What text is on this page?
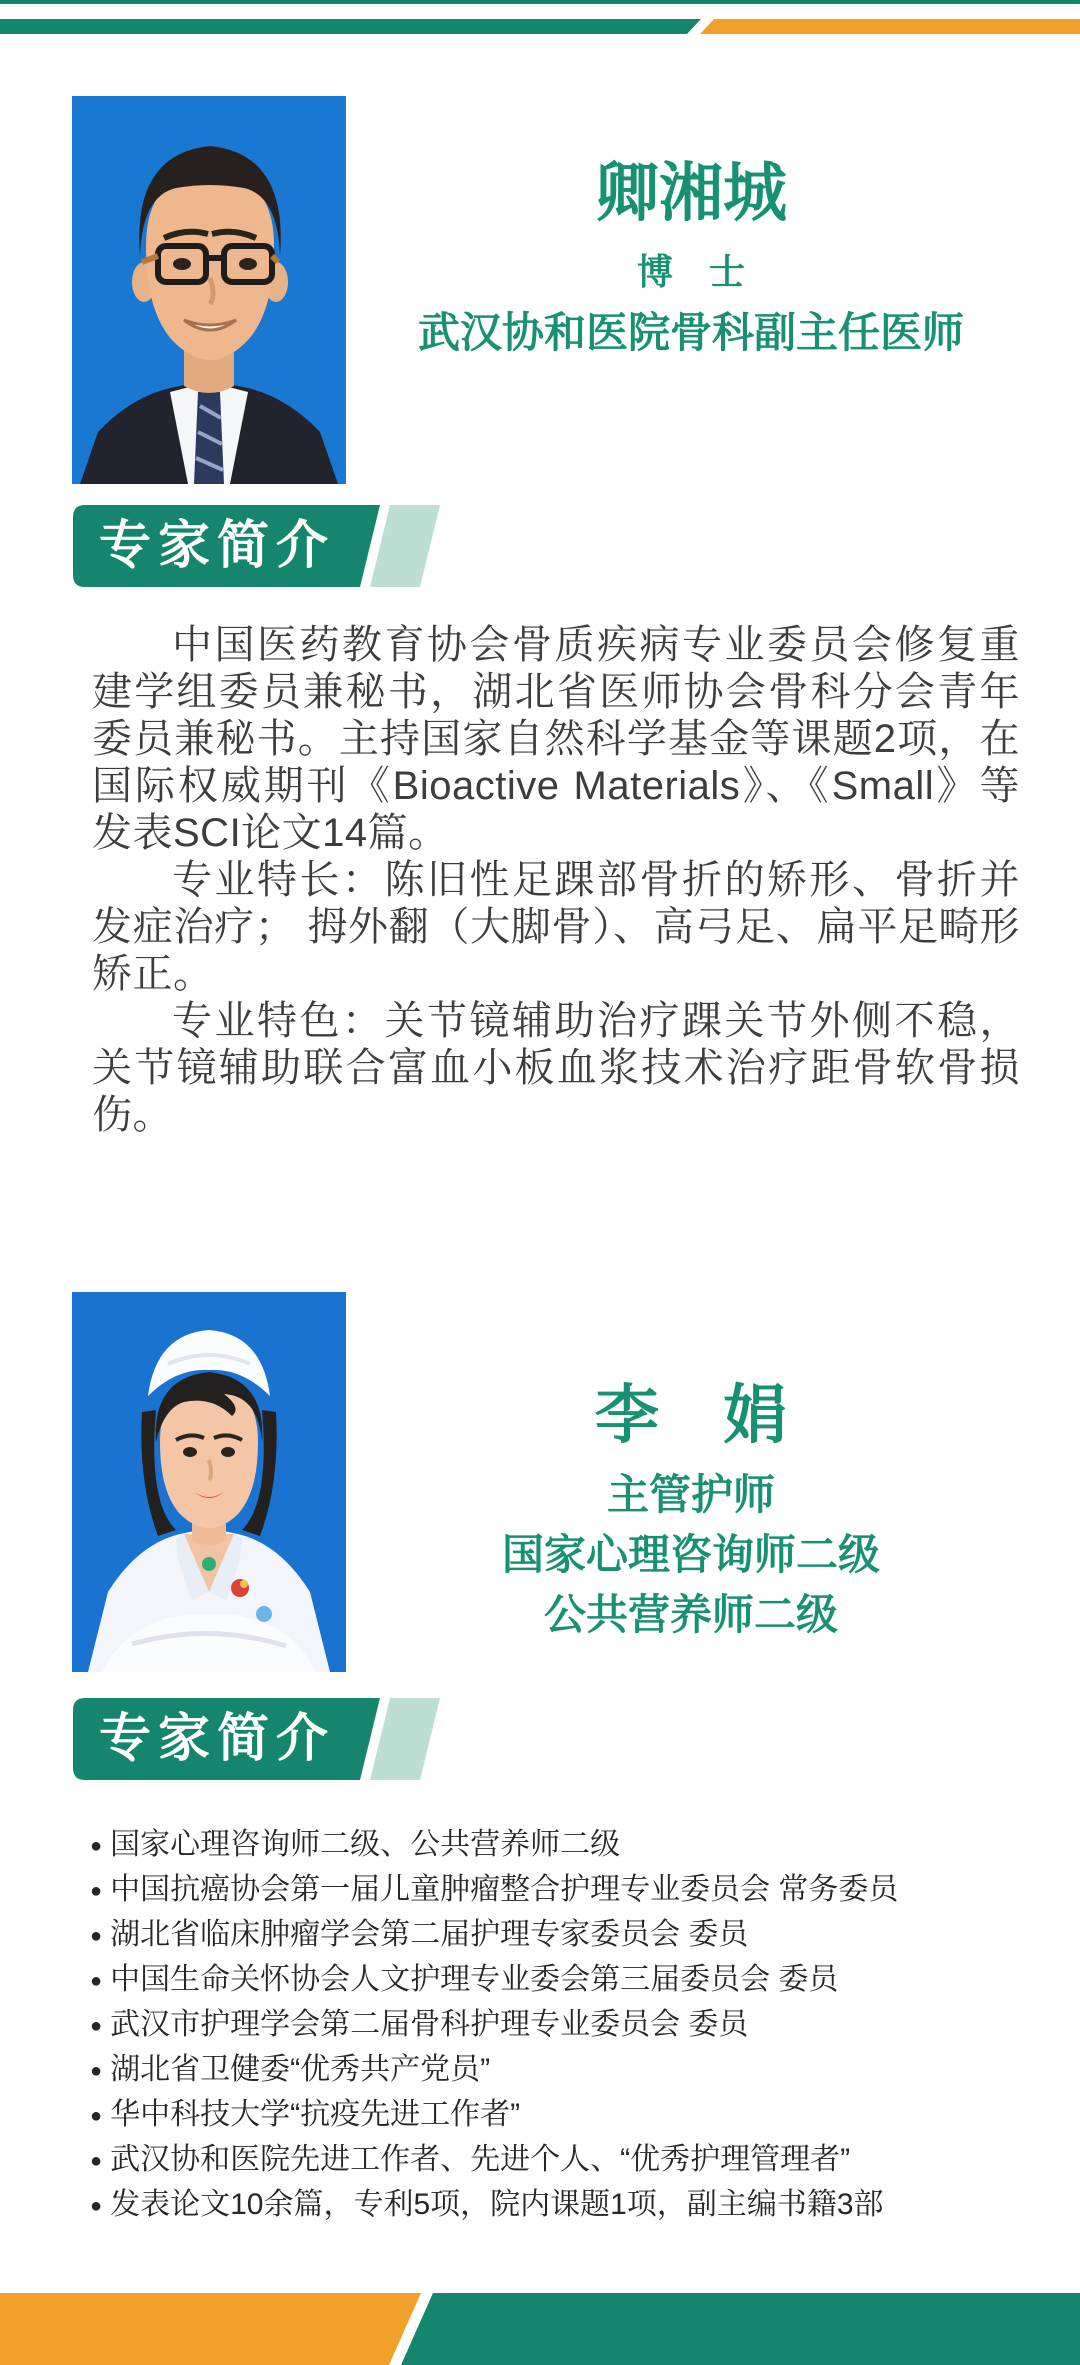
卿湘城
博　士
武汉协和医院骨科副主任医师
专家简介

中国医药教育协会骨质疾病专业委员会修复重建学组委员兼秘书，湖北省医师协会骨科分会青年委员兼秘书。主持国家自然科学基金等课题2项，在国际权威期刊《Bioactive Materials》、《Small》等发表SCI论文14篇。

专业特长：陈旧性足踝部骨折的矫形、骨折并发症治疗； 拇外翻（大脚骨）、高弓足、扁平足畸形矫正。

专业特色：关节镜辅助治疗踝关节外侧不稳，关节镜辅助联合富血小板血浆技术治疗距骨软骨损伤。

李　娟
主管护师
国家心理咨询师二级
公共营养师二级
专家简介
● 国家心理咨询师二级、公共营养师二级
● 中国抗癌协会第一届儿童肿瘤整合护理专业委员会 常务委员
● 湖北省临床肿瘤学会第二届护理专家委员会 委员
● 中国生命关怀协会人文护理专业委会第三届委员会 委员
● 武汉市护理学会第二届骨科护理专业委员会 委员
● 湖北省卫健委“优秀共产党员”
● 华中科技大学“抗疫先进工作者”
● 武汉协和医院先进工作者、先进个人、“优秀护理管理者”
● 发表论文10余篇，专利5项，院内课题1项，副主编书籍3部
